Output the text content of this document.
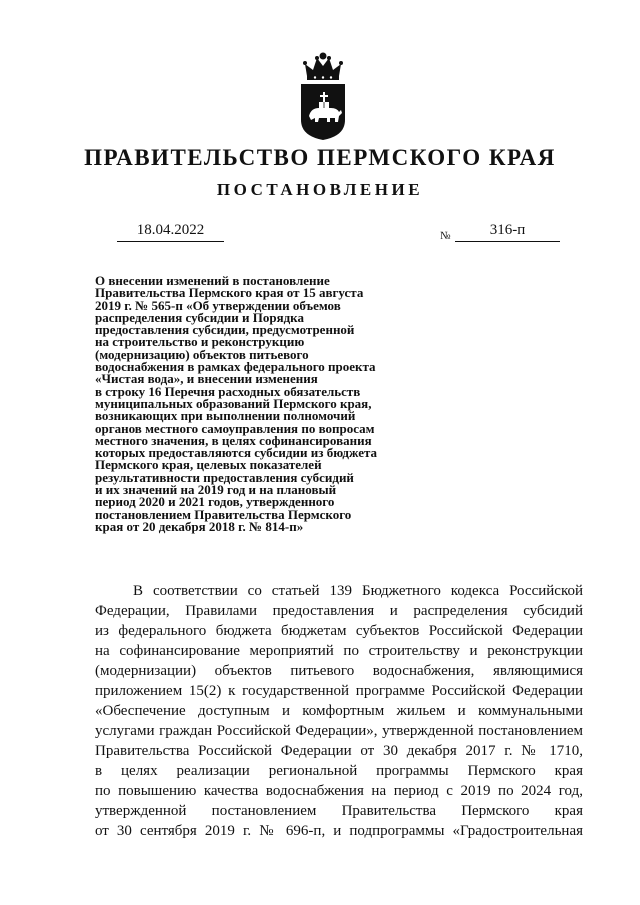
ПРАВИТЕЛЬСТВО ПЕРМСКОГО КРАЯ
ПОСТАНОВЛЕНИЕ
18.04.2022	№	316-п
О внесении изменений в постановление
Правительства Пермского края от 15 августа
2019 г. № 565-п «Об утверждении объемов
распределения субсидии и Порядка
предоставления субсидии, предусмотренной
на строительство и реконструкцию
(модернизацию) объектов питьевого
водоснабжения в рамках федерального проекта
«Чистая вода», и внесении изменения
в строку 16 Перечня расходных обязательств
муниципальных образований Пермского края,
возникающих при выполнении полномочий
органов местного самоуправления по вопросам
местного значения, в целях софинансирования
которых предоставляются субсидии из бюджета
Пермского края, целевых показателей
результативности предоставления субсидий
и их значений на 2019 год и на плановый
период 2020 и 2021 годов, утвержденного
постановлением Правительства Пермского
края от 20 декабря 2018 г. № 814-п»
В соответствии со статьей 139 Бюджетного кодекса Российской
Федерации, Правилами предоставления и распределения субсидий
из федерального бюджета бюджетам субъектов Российской Федерации
на софинансирование мероприятий по строительству и реконструкции
(модернизации) объектов питьевого водоснабжения, являющимися
приложением 15(2) к государственной программе Российской Федерации
«Обеспечение доступным и комфортным жильем и коммунальными
услугами граждан Российской Федерации», утвержденной постановлением
Правительства Российской Федерации от 30 декабря 2017 г. № 1710,
в целях реализации региональной программы Пермского края
по повышению качества водоснабжения на период с 2019 по 2024 год,
утвержденной постановлением Правительства Пермского края
от 30 сентября 2019 г. № 696-п, и подпрограммы «Градостроительная
